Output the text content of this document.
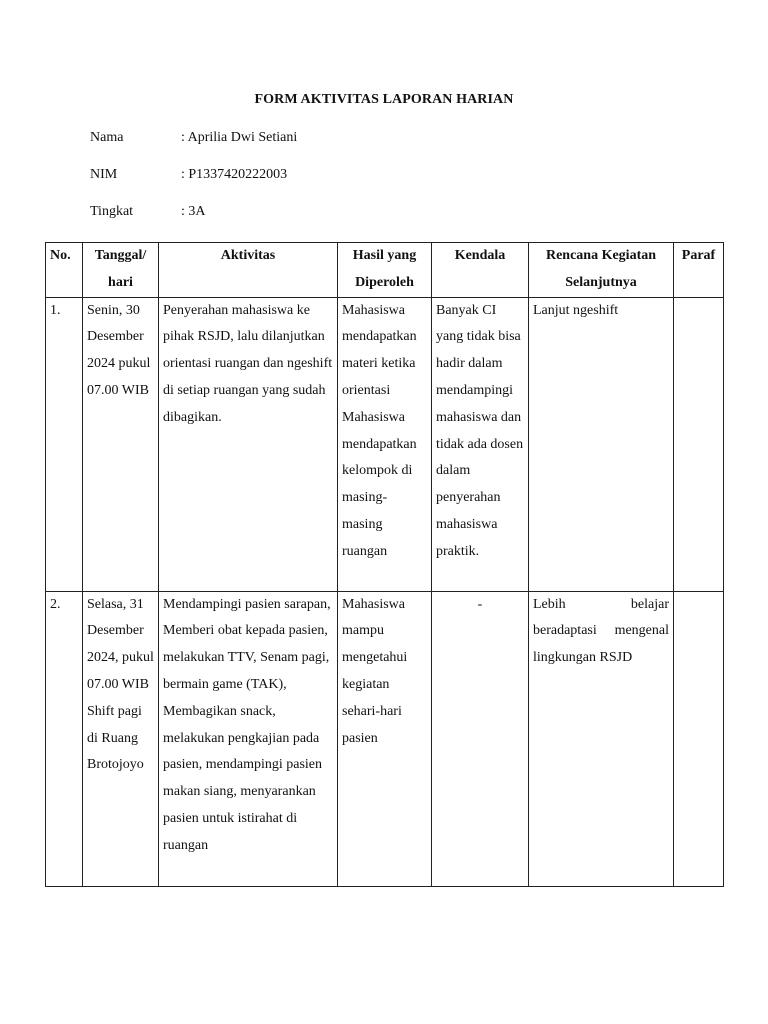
FORM AKTIVITAS LAPORAN HARIAN
Nama	: Aprilia Dwi Setiani
NIM	: P1337420222003
Tingkat	: 3A
No.	Tanggal/ hari	Aktivitas	Hasil yang Diperoleh	Kendala	Rencana Kegiatan Selanjutnya	Paraf
1.	Senin, 30 Desember 2024 pukul 07.00 WIB	Penyerahan mahasiswa ke pihak RSJD, lalu dilanjutkan orientasi ruangan dan ngeshift di setiap ruangan yang sudah dibagikan.	Mahasiswa mendapatkan materi ketika orientasi Mahasiswa mendapatkan kelompok di masing-masing ruangan	Banyak CI yang tidak bisa hadir dalam mendampingi mahasiswa dan tidak ada dosen dalam penyerahan mahasiswa praktik.	Lanjut ngeshift	
2.	Selasa, 31 Desember 2024, pukul 07.00 WIB Shift pagi di Ruang Brotojoyo	Mendampingi pasien sarapan, Memberi obat kepada pasien, melakukan TTV, Senam pagi, bermain game (TAK), Membagikan snack, melakukan pengkajian pada pasien, mendampingi pasien makan siang, menyarankan pasien untuk istirahat di ruangan	Mahasiswa mampu mengetahui kegiatan sehari-hari pasien	-	Lebih belajar beradaptasi mengenal lingkungan RSJD	
